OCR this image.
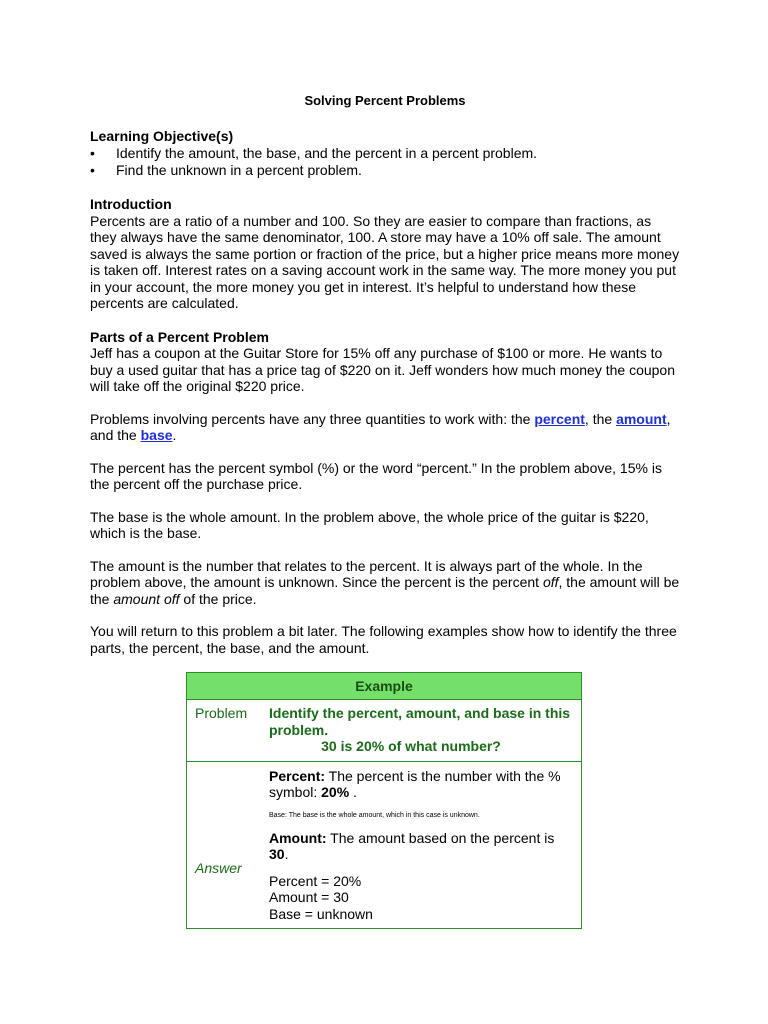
Solving Percent Problems
Learning Objective(s)
• Identify the amount, the base, and the percent in a percent problem.
• Find the unknown in a percent problem.
Introduction

Percents are a ratio of a number and 100. So they are easier to compare than fractions, as they always have the same denominator, 100. A store may have a 10% off sale. The amount saved is always the same portion or fraction of the price, but a higher price means more money is taken off. Interest rates on a saving account work in the same way. The more money you put in your account, the more money you get in interest. It’s helpful to understand how these percents are calculated.

Parts of a Percent Problem

Jeff has a coupon at the Guitar Store for 15% off any purchase of $100 or more. He wants to buy a used guitar that has a price tag of $220 on it. Jeff wonders how much money the coupon will take off the original $220 price.

Problems involving percents have any three quantities to work with: the percent, the amount, and the base.

The percent has the percent symbol (%) or the word “percent.” In the problem above, 15% is the percent off the purchase price.

The base is the whole amount. In the problem above, the whole price of the guitar is $220, which is the base.

The amount is the number that relates to the percent. It is always part of the whole. In the problem above, the amount is unknown. Since the percent is the percent off, the amount will be the amount off of the price.

You will return to this problem a bit later. The following examples show how to identify the three parts, the percent, the base, and the amount.

Example
Problem	Identify the percent, amount, and base in this problem.
30 is 20% of what number?
Answer

Percent: The percent is the number with the % symbol: 20% .

Base: The base is the whole amount, which in this case is unknown.

Amount: The amount based on the percent is 30.

Percent = 20%
Amount = 30
Base = unknown
